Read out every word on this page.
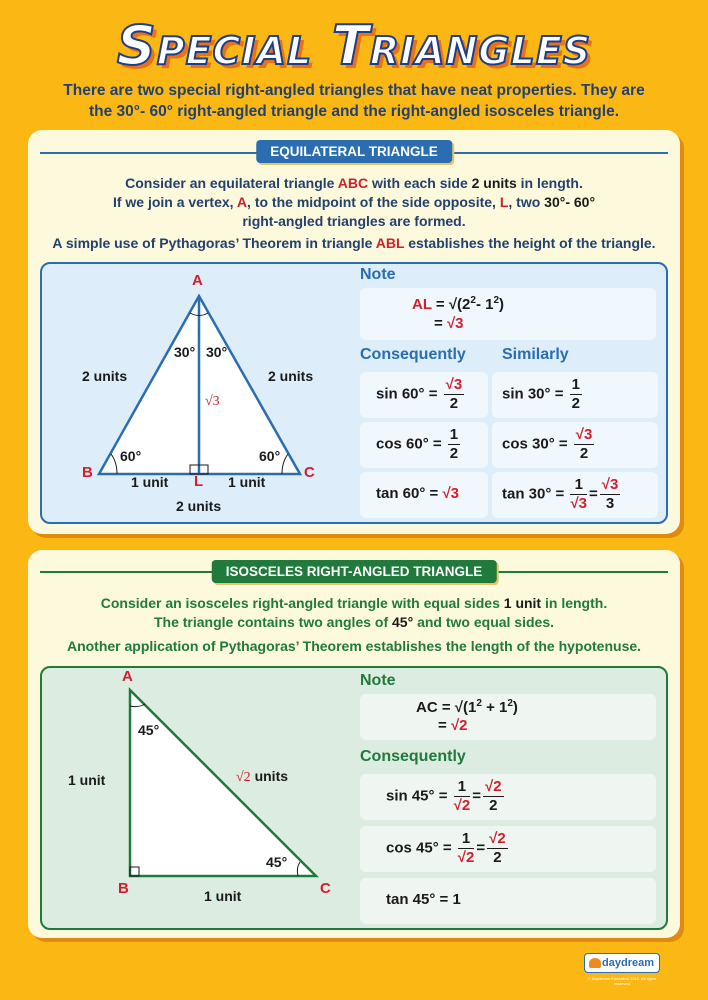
Special Triangles
There are two special right-angled triangles that have neat properties. They are
the 30°- 60° right-angled triangle and the right-angled isosceles triangle.
EQUILATERAL TRIANGLE
Consider an equilateral triangle ABC with each side 2 units in length.
If we join a vertex, A, to the midpoint of the side opposite, L, two 30°- 60°
right-angled triangles are formed.
A simple use of Pythagoras’ Theorem in triangle ABL establishes the height of the triangle.
A
B	C
L
30° 30°
60°	60°
2 units	2 units
√3
1 unit	1 unit
2 units
Note
AL = $√(2^2-$ $1^2$)
= √3
Consequently Similarly
$\sin 60^\circ = \frac{√3}{2}$	$\sin 30^\circ = \frac{1}{2}$
$\cos 60^\circ = \frac{1}{2}$	$\cos 30^\circ = \frac{√3}{2}$
tan 60° = √3	$\tan 30^\circ = \frac{1}{√3} = \frac{√3}{3}$
ISOSCELES RIGHT-ANGLED TRIANGLE
Consider an isosceles right-angled triangle with equal sides 1 unit in length.
The triangle contains two angles of 45° and two equal sides.
Another application of Pythagoras’ Theorem establishes the length of the hypotenuse.
A
B	C
45°
45°
1 unit
1 unit
√2 units
Note
AC = $√(1^2 + 1^2)$
= √2
Consequently
$\sin 45^\circ = \frac{1}{√2} = \frac{√2}{2}$
$\cos 45^\circ = \frac{1}{√2} = \frac{√2}{2}$
tan 45° = 1
daydream
© Daydream Education 2012. All rights reserved
